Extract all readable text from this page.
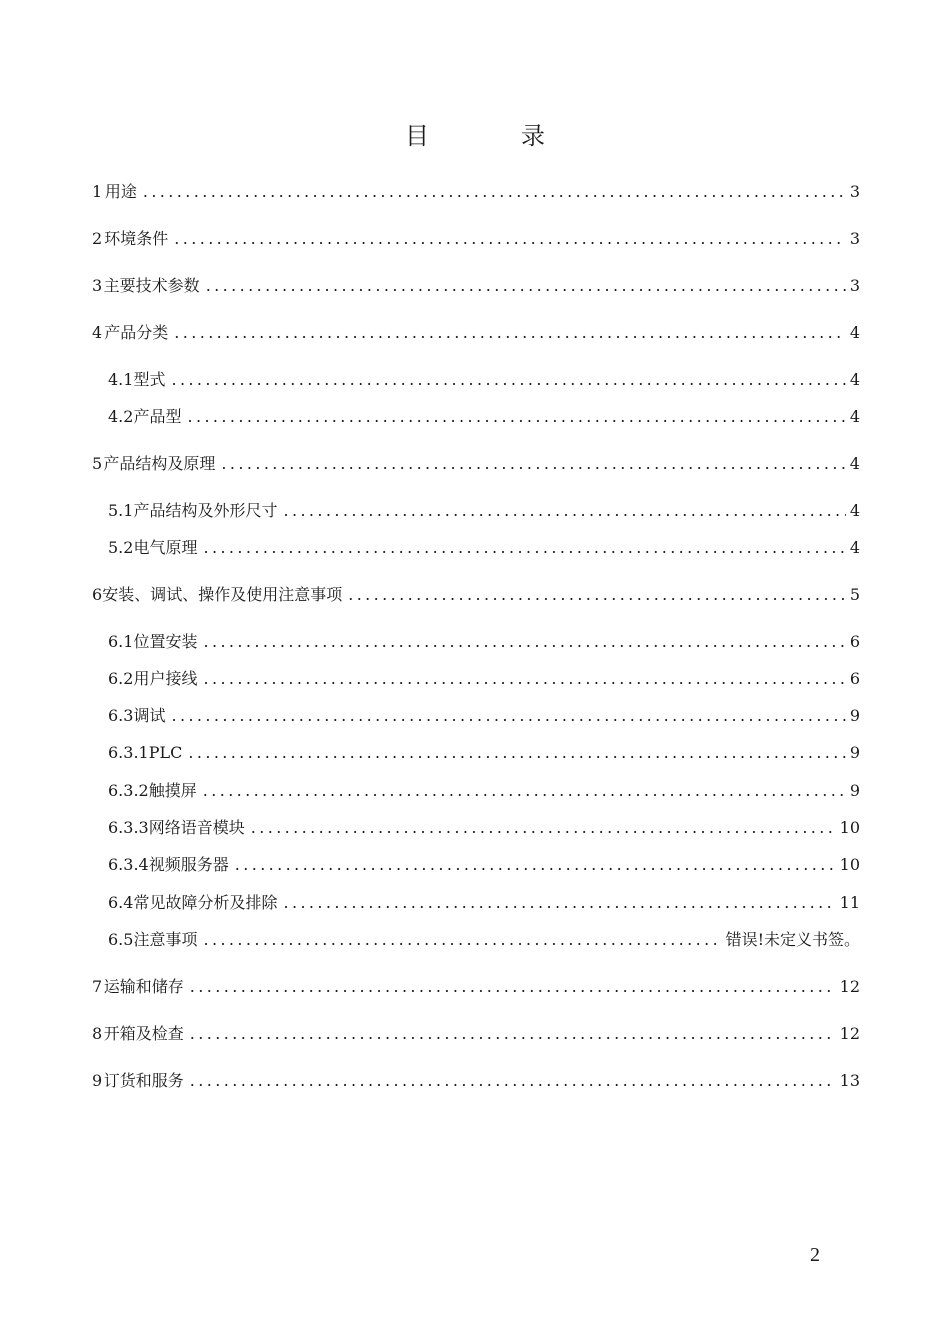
目　录
1 用途 .....	3
2 环境条件 .....	3
3 主要技术参数 .....	3
4 产品分类 .....	4
4.1 型式 .....	4
4.2 产品型 .....	4
5 产品结构及原理 .....	4
5.1 产品结构及外形尺寸 .....	4
5.2 电气原理 .....	4
6 安装、调试、操作及使用注意事项 .....	5
6.1 位置安装 .....	6
6.2 用户接线 .....	6
6.3 调试 .....	9
6.3.1 PLC .....	9
6.3.2 触摸屏 .....	9
6.3.3 网络语音模块 .....	10
6.3.4 视频服务器 .....	10
6.4 常见故障分析及排除 .....	11
6.5 注意事项 .....	错误!未定义书签。
7 运输和储存 .....	12
8 开箱及检查 .....	12
9 订货和服务 .....	13
2
